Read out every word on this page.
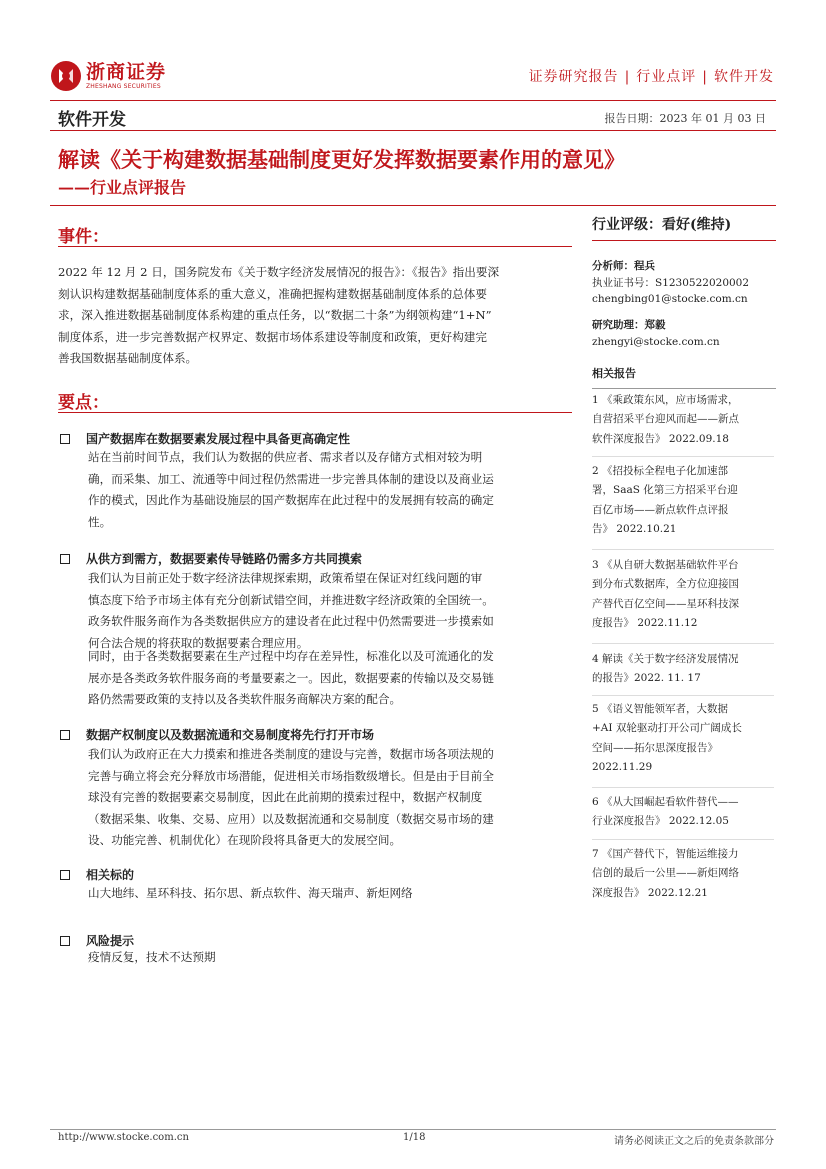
浙商证券
ZHESHANG SECURITIES
证券研究报告 | 行业点评 | 软件开发
软件开发	报告日期：2023 年 01 月 03 日
解读《关于构建数据基础制度更好发挥数据要素作用的意见》
——行业点评报告
事件：
2022 年 12 月 2 日，国务院发布《关于数字经济发展情况的报告》：《报告》指出要深
刻认识构建数据基础制度体系的重大意义，准确把握构建数据基础制度体系的总体要
求，深入推进数据基础制度体系构建的重点任务，以“数据二十条”为纲领构建“1+N”
制度体系，进一步完善数据产权界定、数据市场体系建设等制度和政策，更好构建完
善我国数据基础制度体系。
要点：
国产数据库在数据要素发展过程中具备更高确定性
站在当前时间节点，我们认为数据的供应者、需求者以及存储方式相对较为明
确，而采集、加工、流通等中间过程仍然需进一步完善具体制的建设以及商业运
作的模式，因此作为基础设施层的国产数据库在此过程中的发展拥有较高的确定
性。
从供方到需方，数据要素传导链路仍需多方共同摸索
我们认为目前正处于数字经济法律规探索期，政策希望在保证对红线问题的审
慎态度下给予市场主体有充分创新试错空间，并推进数字经济政策的全国统一。
政务软件服务商作为各类数据供应方的建设者在此过程中仍然需要进一步摸索如
何合法合规的将获取的数据要素合理应用。
同时，由于各类数据要素在生产过程中均存在差异性，标准化以及可流通化的发
展亦是各类政务软件服务商的考量要素之一。因此，数据要素的传输以及交易链
路仍然需要政策的支持以及各类软件服务商解决方案的配合。
数据产权制度以及数据流通和交易制度将先行打开市场
我们认为政府正在大力摸索和推进各类制度的建设与完善，数据市场各项法规的
完善与确立将会充分释放市场潜能，促进相关市场指数级增长。但是由于目前全
球没有完善的数据要素交易制度，因此在此前期的摸索过程中，数据产权制度
（数据采集、收集、交易、应用）以及数据流通和交易制度（数据交易市场的建
设、功能完善、机制优化）在现阶段将具备更大的发展空间。
相关标的
山大地纬、星环科技、拓尔思、新点软件、海天瑞声、新炬网络
风险提示
疫情反复，技术不达预期
行业评级：看好(维持)
分析师：程兵
执业证书号：S1230522020002
chengbing01@stocke.com.cn
研究助理：郑毅
zhengyi@stocke.com.cn
相关报告
1 《乘政策东风，应市场需求，
自营招采平台迎风而起——新点
软件深度报告》 2022.09.18
2 《招投标全程电子化加速部
署，SaaS 化第三方招采平台迎
百亿市场——新点软件点评报
告》 2022.10.21
3 《从自研大数据基础软件平台
到分布式数据库，全方位迎接国
产替代百亿空间——星环科技深
度报告》 2022.11.12
4 解读《关于数字经济发展情况
的报告》2022. 11. 17
5 《语义智能领军者，大数据
+AI 双轮驱动打开公司广阔成长
空间——拓尔思深度报告》
2022.11.29
6 《从大国崛起看软件替代——
行业深度报告》 2022.12.05
7 《国产替代下，智能运维接力
信创的最后一公里——新炬网络
深度报告》 2022.12.21
http://www.stocke.com.cn	1/18	请务必阅读正文之后的免责条款部分
